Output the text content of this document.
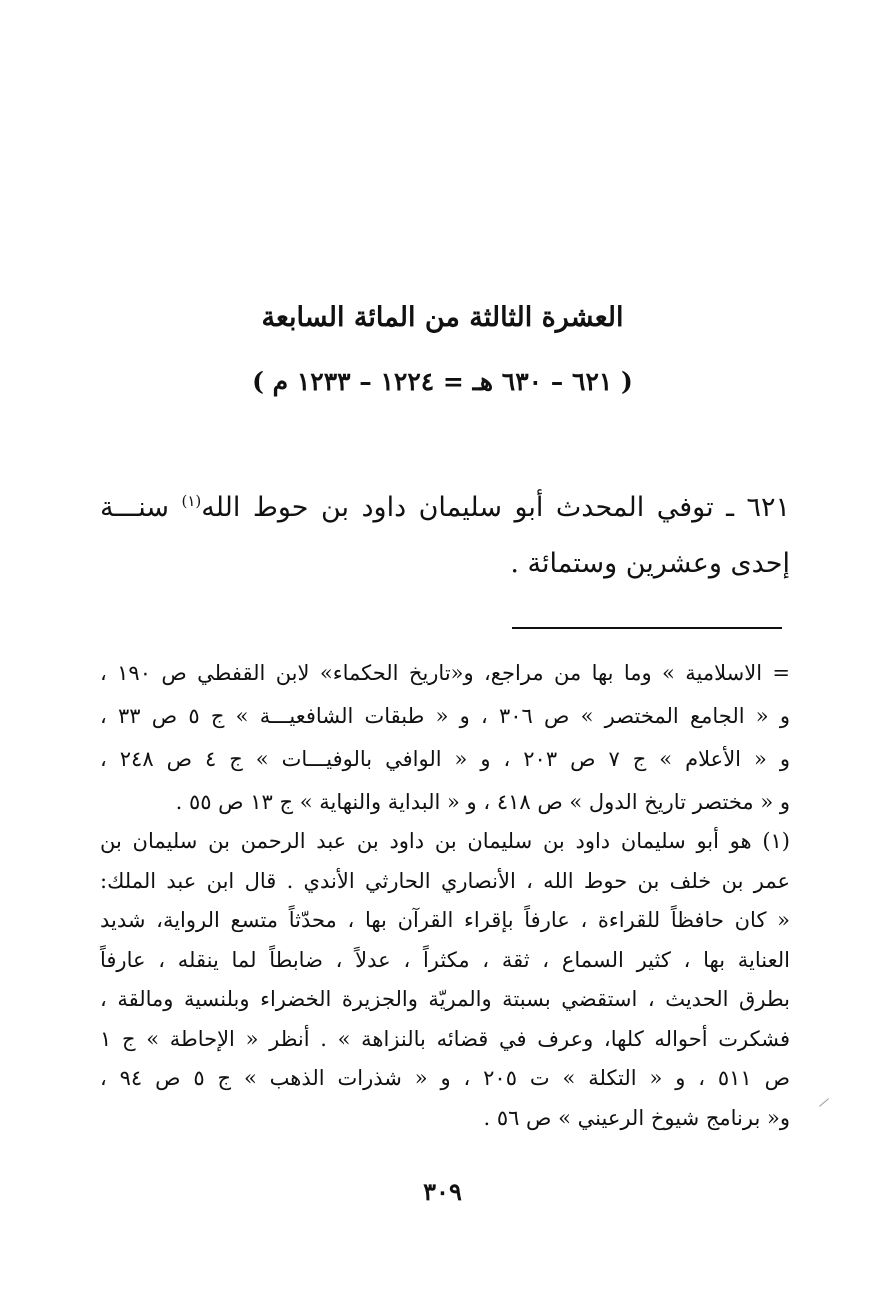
العشرة الثالثة من المائة السابعة
( ٦٢١ – ٦٣٠ هـ = ١٢٢٤ – ١٢٣٣ م )
٦٢١ ـ توفي المحدث أبو سليمان داود بن حوط الله$^{(١)}$ سنـــة إحدى وعشرين وستمائة .
= الاسلامية » وما بها من مراجع، و«تاريخ الحكماء» لابن القفطي ص ١٩٠ ،
و « الجامع المختصر » ص ٣٠٦ ، و « طبقات الشافعيـــة » ج ٥ ص ٣٣ ،
و « الأعلام » ج ٧ ص ٢٠٣ ، و « الوافي بالوفيـــات » ج ٤ ص ٢٤٨ ،
و « مختصر تاريخ الدول » ص ٤١٨ ، و « البداية والنهاية » ج ١٣ ص ٥٥ .
(١) هو أبو سليمان داود بن سليمان بن داود بن عبد الرحمن بن سليمان بن
عمر بن خلف بن حوط الله ، الأنصاري الحارثي الأندي . قال ابن عبد الملك:
« كان حافظاً للقراءة ، عارفاً بإقراء القرآن بها ، محدّثاً متسع الرواية، شديد
العناية بها ، كثير السماع ، ثقة ، مكثراً ، عدلاً ، ضابطاً لما ينقله ، عارفاً
بطرق الحديث ، استقضي بسبتة والمريّة والجزيرة الخضراء وبلنسية ومالقة ،
فشكرت أحواله كلها، وعرف في قضائه بالنزاهة » . أنظر « الإحاطة » ج ١
ص ٥١١ ، و « التكلة » ت ٢٠٥ ، و « شذرات الذهب » ج ٥ ص ٩٤ ،
و« برنامج شيوخ الرعيني » ص ٥٦ .
٣٠٩
